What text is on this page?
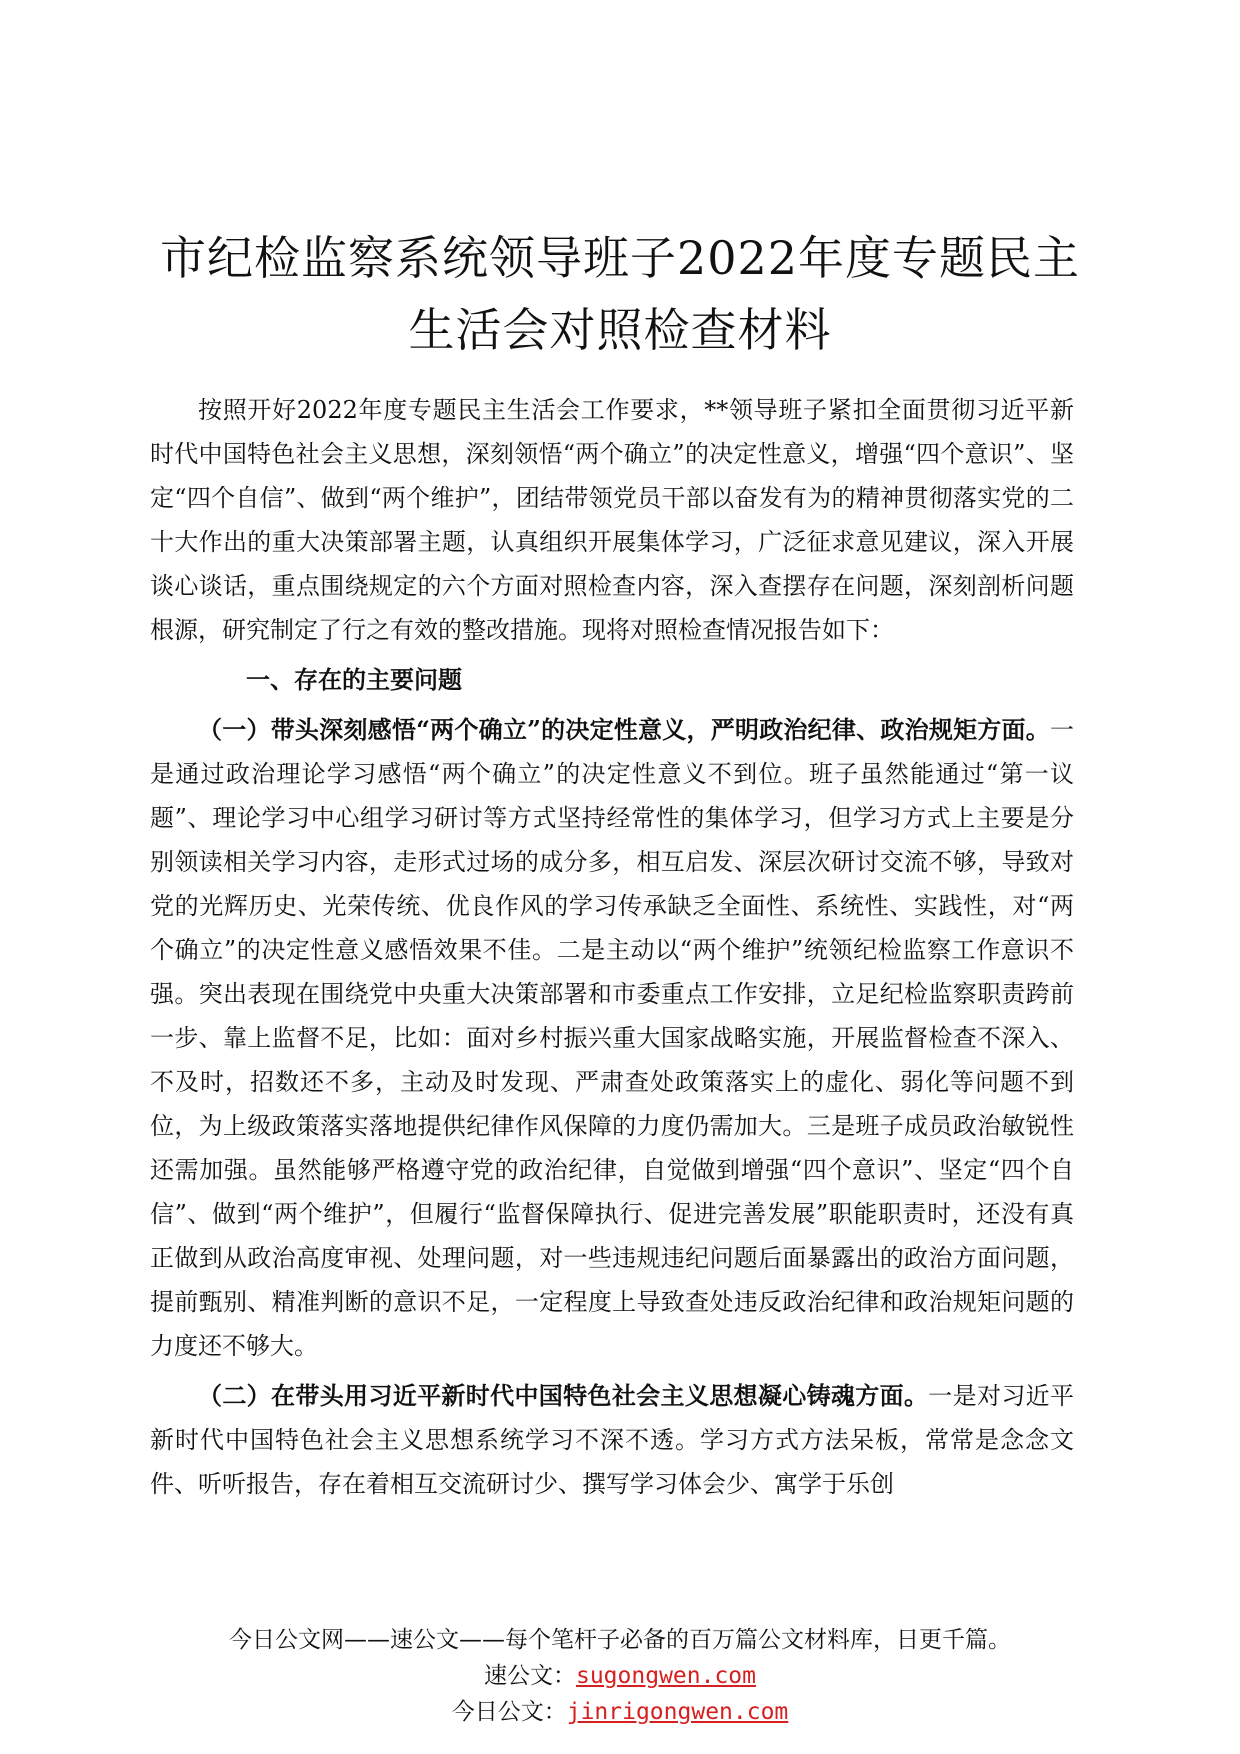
市纪检监察系统领导班子2022年度专题民主
生活会对照检查材料

按照开好2022年度专题民主生活会工作要求，**领导班子紧扣全面贯彻习近平新时代中国特色社会主义思想，深刻领悟“两个确立”的决定性意义，增强“四个意识”、坚定“四个自信”、做到“两个维护”，团结带领党员干部以奋发有为的精神贯彻落实党的二十大作出的重大决策部署主题，认真组织开展集体学习，广泛征求意见建议，深入开展谈心谈话，重点围绕规定的六个方面对照检查内容，深入查摆存在问题，深刻剖析问题根源，研究制定了行之有效的整改措施。现将对照检查情况报告如下：

一、存在的主要问题

（一）带头深刻感悟“两个确立”的决定性意义，严明政治纪律、政治规矩方面。一是通过政治理论学习感悟“两个确立”的决定性意义不到位。班子虽然能通过“第一议题”、理论学习中心组学习研讨等方式坚持经常性的集体学习，但学习方式上主要是分别领读相关学习内容，走形式过场的成分多，相互启发、深层次研讨交流不够，导致对党的光辉历史、光荣传统、优良作风的学习传承缺乏全面性、系统性、实践性，对“两个确立”的决定性意义感悟效果不佳。二是主动以“两个维护”统领纪检监察工作意识不强。突出表现在围绕党中央重大决策部署和市委重点工作安排，立足纪检监察职责跨前一步、靠上监督不足，比如：面对乡村振兴重大国家战略实施，开展监督检查不深入、不及时，招数还不多，主动及时发现、严肃查处政策落实上的虚化、弱化等问题不到位，为上级政策落实落地提供纪律作风保障的力度仍需加大。三是班子成员政治敏锐性还需加强。虽然能够严格遵守党的政治纪律，自觉做到增强“四个意识”、坚定“四个自信”、做到“两个维护”，但履行“监督保障执行、促进完善发展”职能职责时，还没有真正做到从政治高度审视、处理问题，对一些违规违纪问题后面暴露出的政治方面问题，提前甄别、精准判断的意识不足，一定程度上导致查处违反政治纪律和政治规矩问题的力度还不够大。

（二）在带头用习近平新时代中国特色社会主义思想凝心铸魂方面。一是对习近平新时代中国特色社会主义思想系统学习不深不透。学习方式方法呆板，常常是念念文件、听听报告，存在着相互交流研讨少、撰写学习体会少、寓学于乐创

今日公文网——速公文——每个笔杆子必备的百万篇公文材料库，日更千篇。
速公文：sugongwen.com
今日公文：jinrigongwen.com
